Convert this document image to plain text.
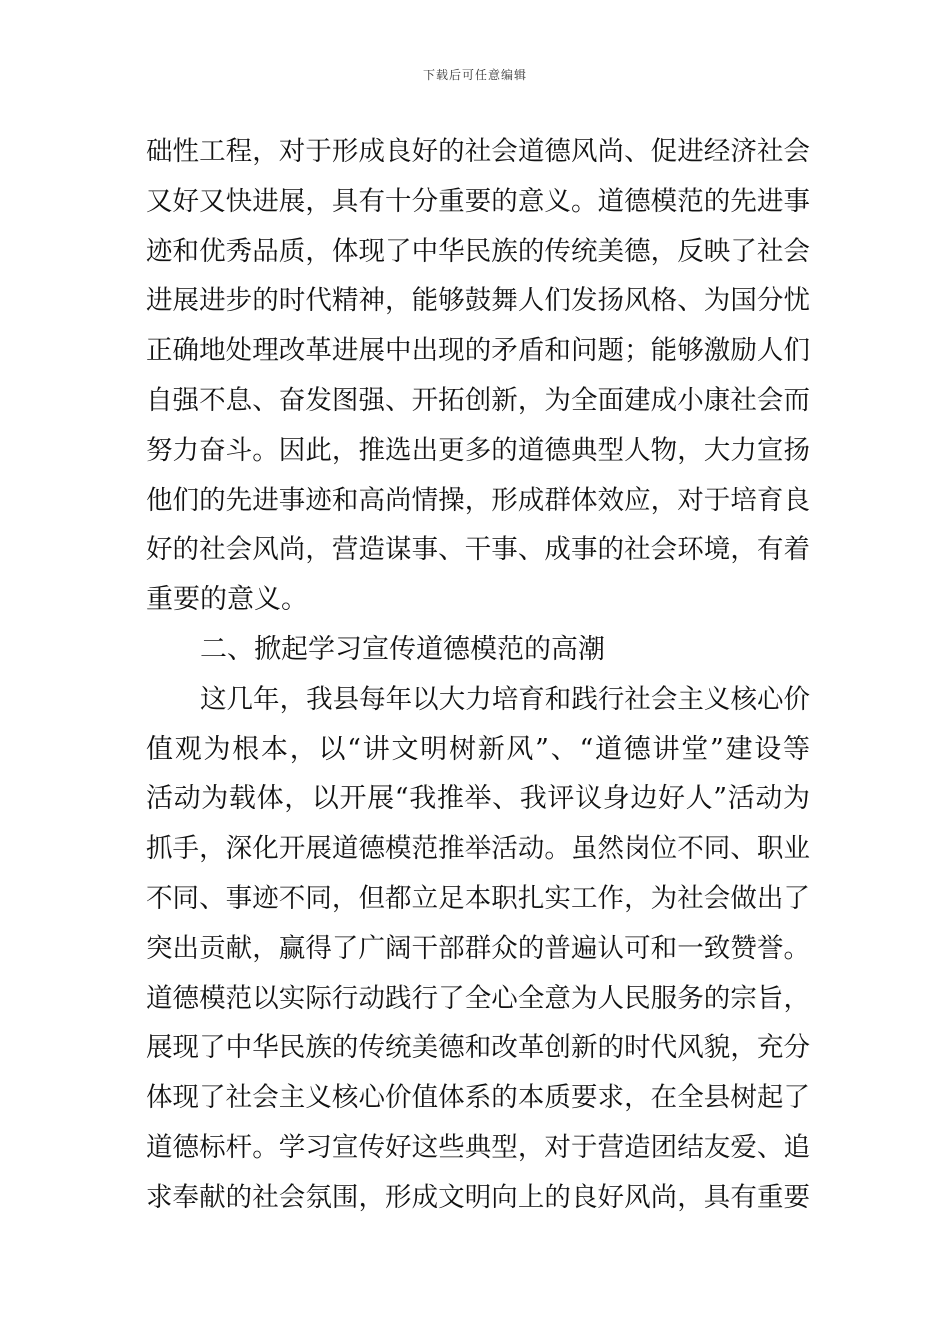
下载后可任意编辑
础性工程，对于形成良好的社会道德风尚、促进经济社会
又好又快进展，具有十分重要的意义。道德模范的先进事
迹和优秀品质，体现了中华民族的传统美德，反映了社会
进展进步的时代精神，能够鼓舞人们发扬风格、为国分忧
正确地处理改革进展中出现的矛盾和问题；能够激励人们
自强不息、奋发图强、开拓创新，为全面建成小康社会而
努力奋斗。因此，推选出更多的道德典型人物，大力宣扬
他们的先进事迹和高尚情操，形成群体效应，对于培育良
好的社会风尚，营造谋事、干事、成事的社会环境，有着
重要的意义。
二、掀起学习宣传道德模范的高潮
这几年，我县每年以大力培育和践行社会主义核心价
值观为根本，以“讲文明树新风”、“道德讲堂”建设等
活动为载体，以开展“我推举、我评议身边好人”活动为
抓手，深化开展道德模范推举活动。虽然岗位不同、职业
不同、事迹不同，但都立足本职扎实工作，为社会做出了
突出贡献，赢得了广阔干部群众的普遍认可和一致赞誉。
道德模范以实际行动践行了全心全意为人民服务的宗旨，
展现了中华民族的传统美德和改革创新的时代风貌，充分
体现了社会主义核心价值体系的本质要求，在全县树起了
道德标杆。学习宣传好这些典型，对于营造团结友爱、追
求奉献的社会氛围，形成文明向上的良好风尚，具有重要
